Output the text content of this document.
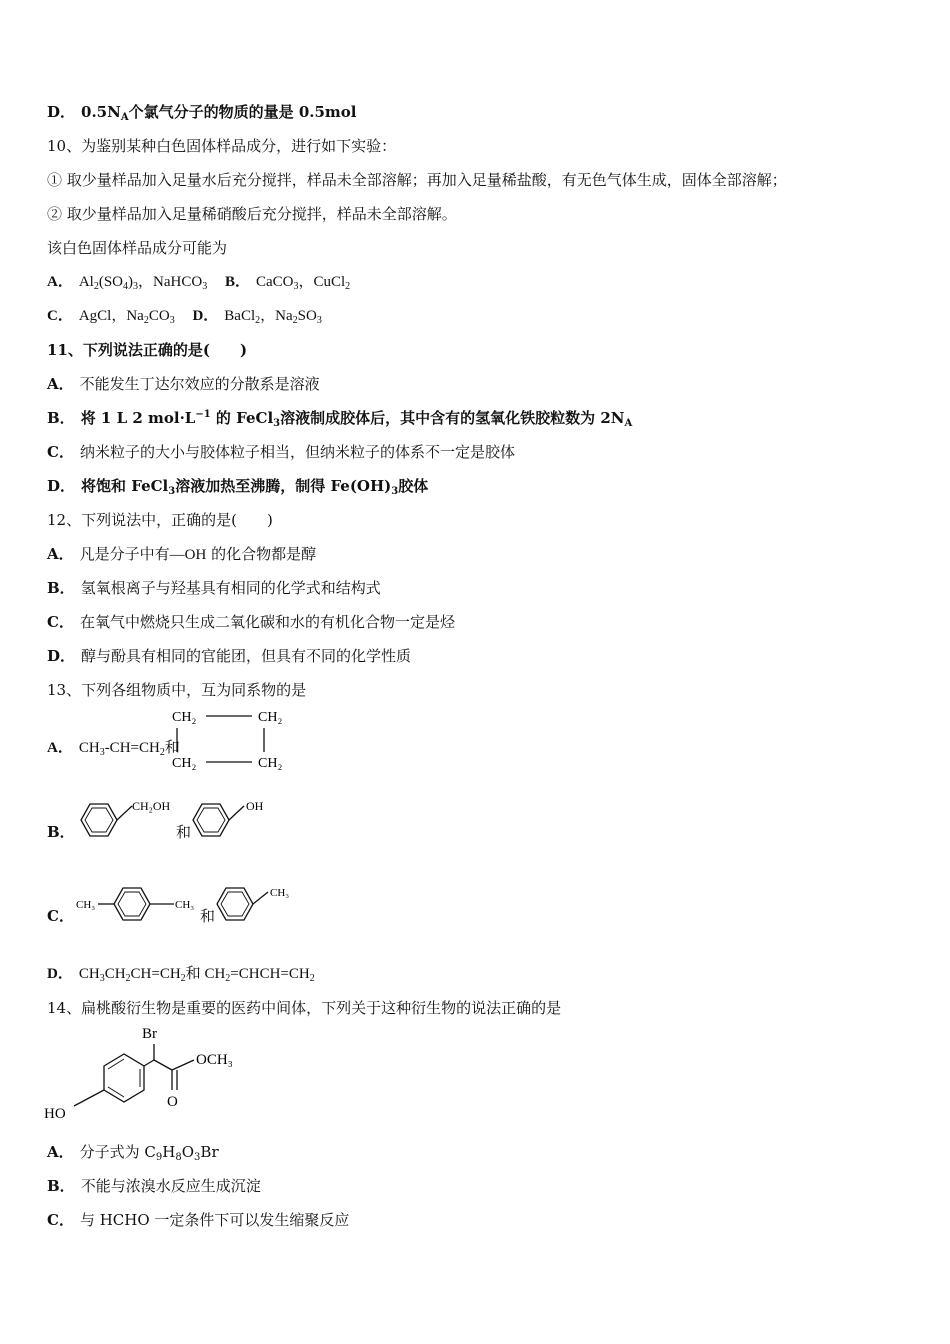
D． $0.5N_A$个氯气分子的物质的量是 0.5mol
10、为鉴别某种白色固体样品成分，进行如下实验：
① 取少量样品加入足量水后充分搅拌，样品未全部溶解；再加入足量稀盐酸，有无色气体生成，固体全部溶解；
② 取少量样品加入足量稀硝酸后充分搅拌，样品未全部溶解。
该白色固体样品成分可能为
A． $Al_2(SO_4)_3$，NaHCO$_3$ B． CaCO$_3$，CuCl$_2$
C． AgCl，$Na_2CO_3$ D． BaCl$_2$，$Na_2SO_3$
11、下列说法正确的是(　　)
A． 不能发生丁达尔效应的分散系是溶液
B． 将 1 L 2 $mol\cdot L^{-1}$ 的 FeCl$_3$溶液制成胶体后，其中含有的氢氧化铁胶粒数为 $2N_A$
C． 纳米粒子的大小与胶体粒子相当，但纳米粒子的体系不一定是胶体
D． 将饱和 FeCl$_3$溶液加热至沸腾，制得 $Fe(OH)_3$胶体
12、下列说法中，正确的是(　　)
A． 凡是分子中有—OH 的化合物都是醇
B． 氢氧根离子与羟基具有相同的化学式和结构式
C． 在氧气中燃烧只生成二氧化碳和水的有机化合物一定是烃
D． 醇与酚具有相同的官能团，但具有不同的化学性质
13、下列各组物质中，互为同系物的是
A． $CH_3-CH=CH_2$和
CH₂	CH₂
CH₂	CH₂
B．
CH₂OH
和
OH
C．
CH₃	CH₃
和
CH₃
D． $CH_3CH_2CH=CH_2$和 $CH_2=CHCH=CH_2$
14、扁桃酸衍生物是重要的医药中间体，下列关于这种衍生物的说法正确的是
HO
Br
O
OCH₃
A． 分子式为 $C_9H_8O_3Br$
B． 不能与浓溴水反应生成沉淀
C． 与 HCHO 一定条件下可以发生缩聚反应
